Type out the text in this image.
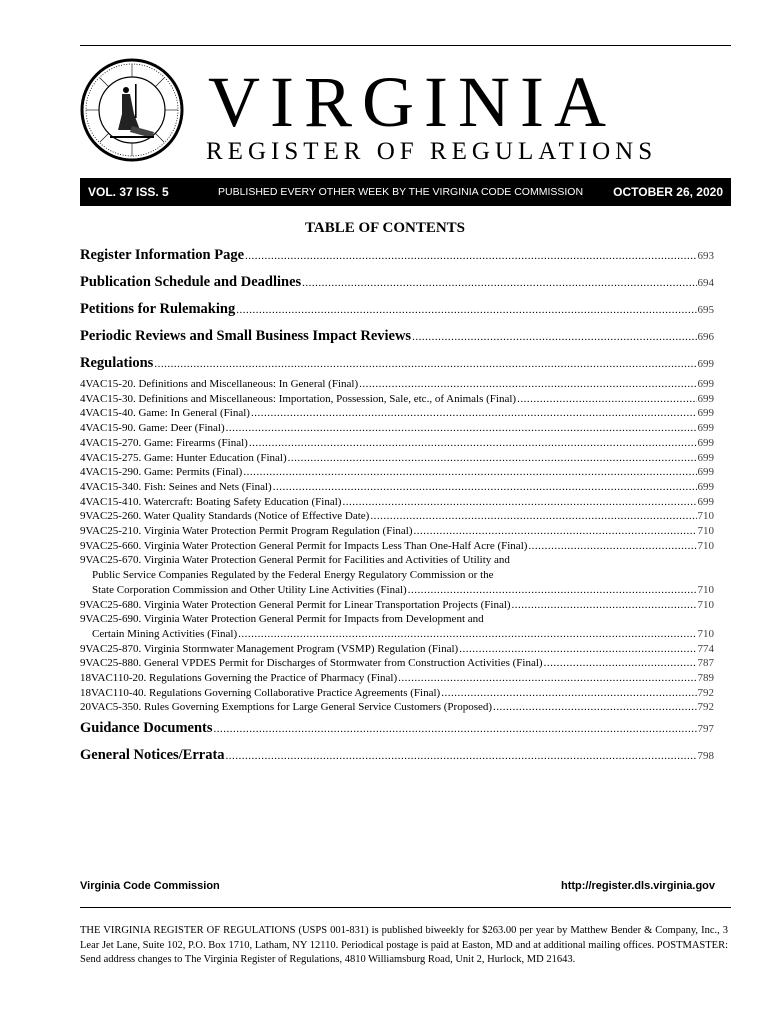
VIRGINIA
REGISTER OF REGULATIONS
VOL. 37 ISS. 5	PUBLISHED EVERY OTHER WEEK BY THE VIRGINIA CODE COMMISSION	OCTOBER 26, 2020
TABLE OF CONTENTS
Register Information Page .....	693
Publication Schedule and Deadlines .....	694
Petitions for Rulemaking .....	695
Periodic Reviews and Small Business Impact Reviews .....	696
Regulations .....	699
4VAC15-20. Definitions and Miscellaneous: In General (Final) .....	699
4VAC15-30. Definitions and Miscellaneous: Importation, Possession, Sale, etc., of Animals (Final) .....	699
4VAC15-40. Game: In General (Final) .....	699
4VAC15-90. Game: Deer (Final) .....	699
4VAC15-270. Game: Firearms (Final) .....	699
4VAC15-275. Game: Hunter Education (Final) .....	699
4VAC15-290. Game: Permits (Final) .....	699
4VAC15-340. Fish: Seines and Nets (Final) .....	699
4VAC15-410. Watercraft: Boating Safety Education (Final) .....	699
9VAC25-260. Water Quality Standards (Notice of Effective Date) .....	710
9VAC25-210. Virginia Water Protection Permit Program Regulation (Final) .....	710
9VAC25-660. Virginia Water Protection General Permit for Impacts Less Than One-Half Acre (Final) .....	710
9VAC25-670. Virginia Water Protection General Permit for Facilities and Activities of Utility and
Public Service Companies Regulated by the Federal Energy Regulatory Commission or the
State Corporation Commission and Other Utility Line Activities (Final) .....	710
9VAC25-680. Virginia Water Protection General Permit for Linear Transportation Projects (Final) .....	710
9VAC25-690. Virginia Water Protection General Permit for Impacts from Development and
Certain Mining Activities (Final) .....	710
9VAC25-870. Virginia Stormwater Management Program (VSMP) Regulation (Final) .....	774
9VAC25-880. General VPDES Permit for Discharges of Stormwater from Construction Activities (Final) .....	787
18VAC110-20. Regulations Governing the Practice of Pharmacy (Final) .....	789
18VAC110-40. Regulations Governing Collaborative Practice Agreements (Final) .....	792
20VAC5-350. Rules Governing Exemptions for Large General Service Customers (Proposed) .....	792
Guidance Documents .....	797
General Notices/Errata .....	798
Virginia Code Commission	http://register.dls.virginia.gov
THE VIRGINIA REGISTER OF REGULATIONS (USPS 001-831) is published biweekly for $263.00 per year by Matthew Bender & Company, Inc., 3 Lear Jet Lane, Suite 102, P.O. Box 1710, Latham, NY 12110. Periodical postage is paid at Easton, MD and at additional mailing offices. POSTMASTER: Send address changes to The Virginia Register of Regulations, 4810 Williamsburg Road, Unit 2, Hurlock, MD 21643.
